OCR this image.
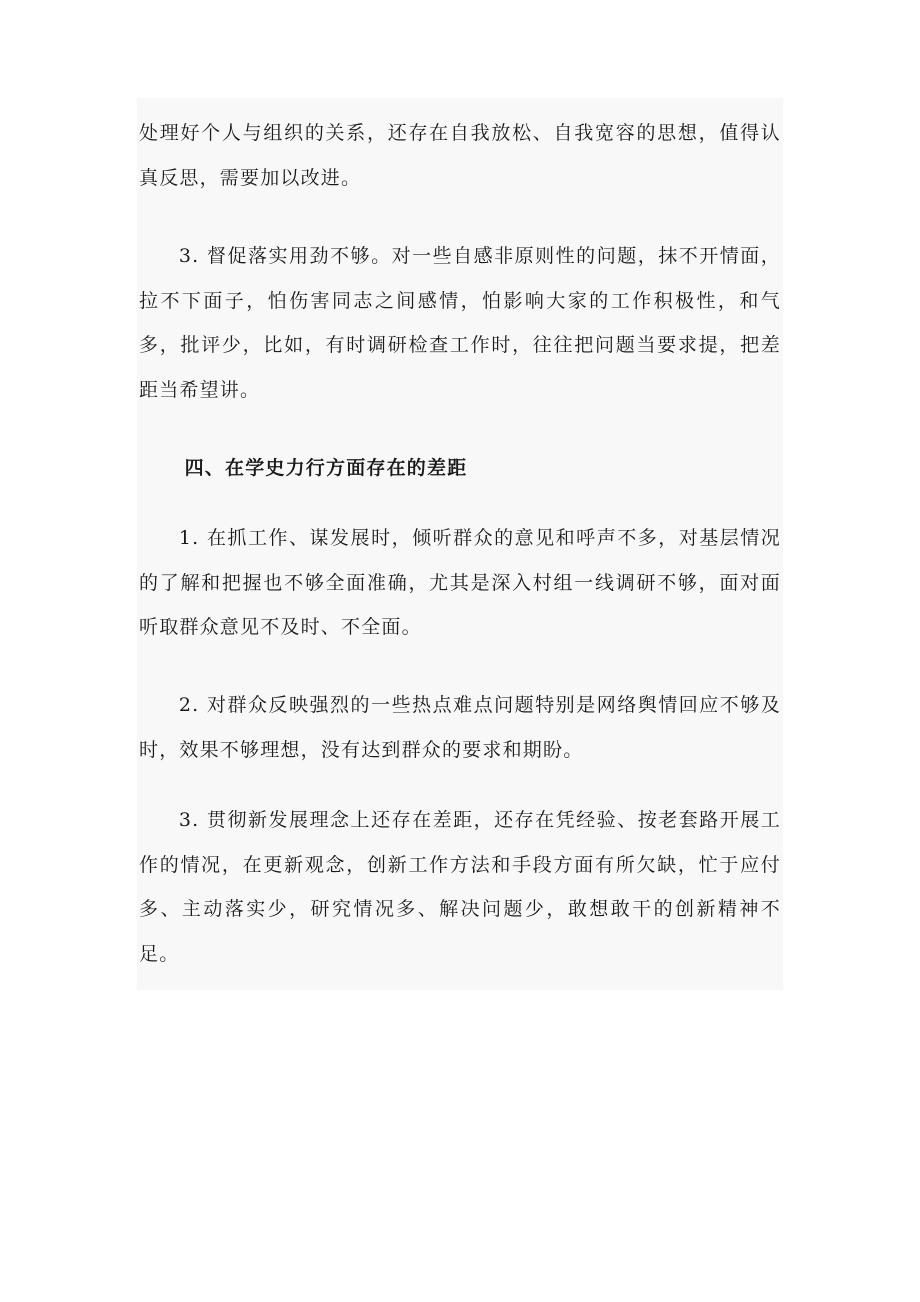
处理好个人与组织的关系，还存在自我放松、自我宽容的思想，值得认真反思，需要加以改进。

3. 督促落实用劲不够。对一些自感非原则性的问题，抹不开情面，拉不下面子，怕伤害同志之间感情，怕影响大家的工作积极性，和气多，批评少，比如，有时调研检查工作时，往往把问题当要求提，把差距当希望讲。

四、在学史力行方面存在的差距

1. 在抓工作、谋发展时，倾听群众的意见和呼声不多，对基层情况的了解和把握也不够全面准确，尤其是深入村组一线调研不够，面对面听取群众意见不及时、不全面。

2. 对群众反映强烈的一些热点难点问题特别是网络舆情回应不够及时，效果不够理想，没有达到群众的要求和期盼。

3. 贯彻新发展理念上还存在差距，还存在凭经验、按老套路开展工作的情况，在更新观念，创新工作方法和手段方面有所欠缺，忙于应付多、主动落实少，研究情况多、解决问题少，敢想敢干的创新精神不足。
